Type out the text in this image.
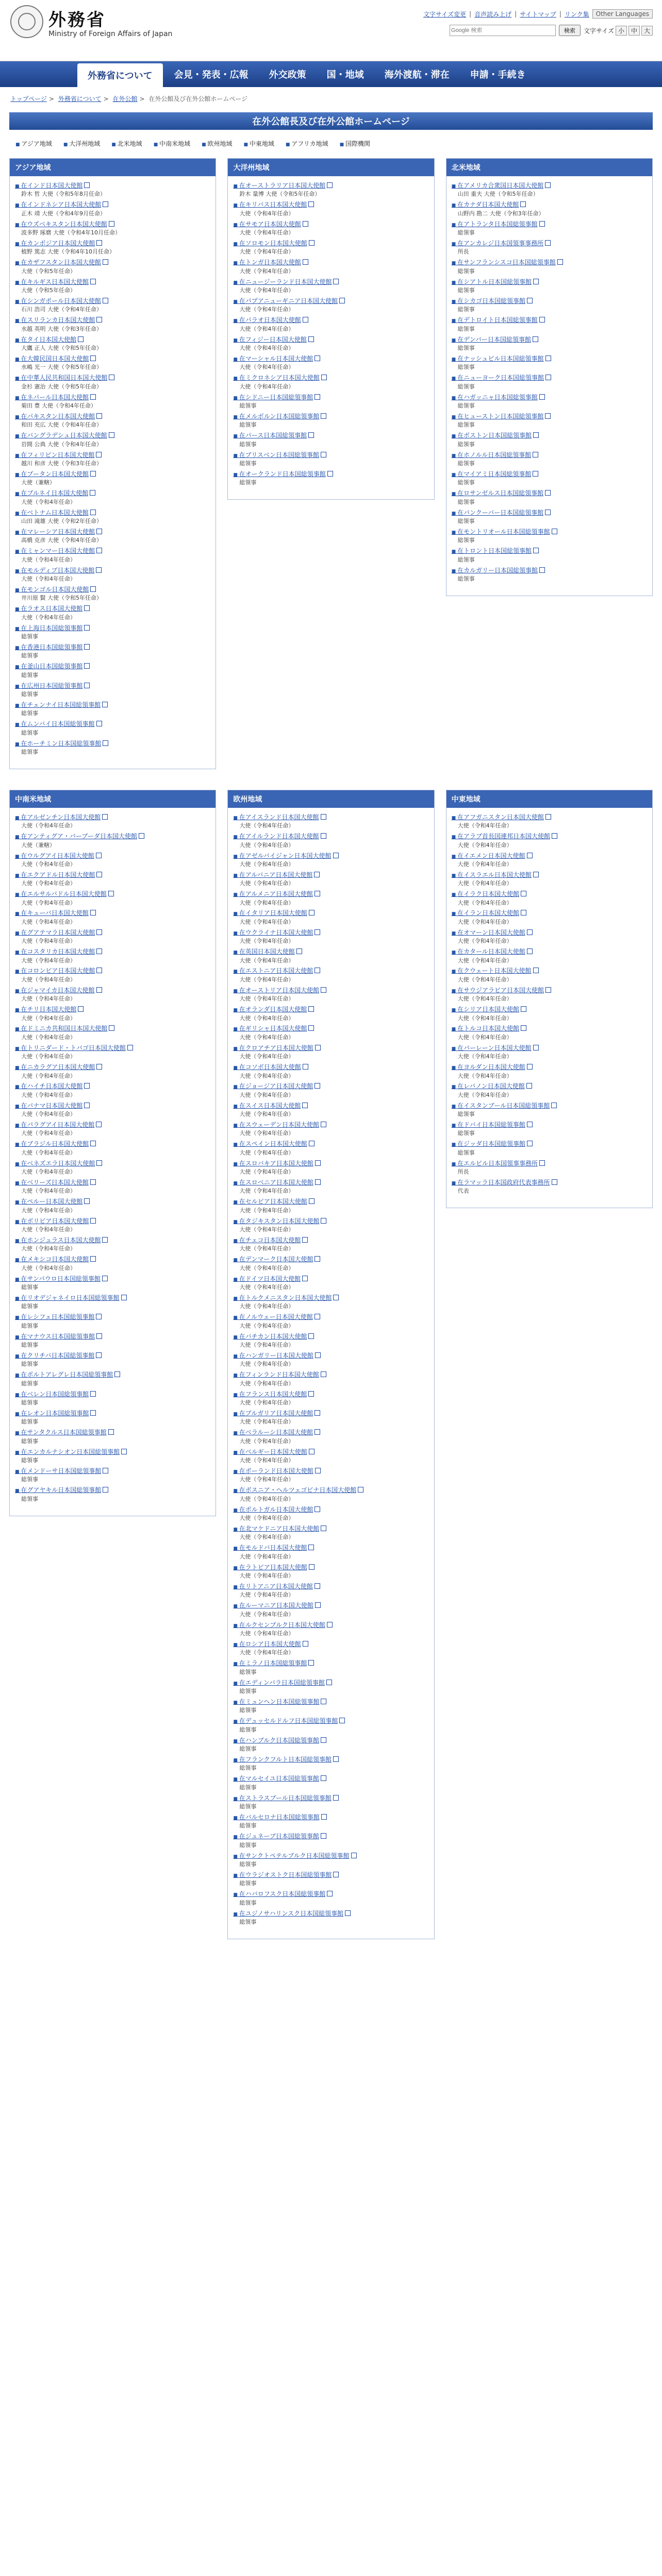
外務省
Ministry of Foreign Affairs of Japan
文字サイズ変更 | 音声読み上げ | サイトマップ | リンク集	Other Languages
Google 検索
検索	文字サイズ 小	中	大
外務省について	会見・発表・広報	外交政策	国・地域	海外渡航・滞在	申請・手続き
トップページ > 外務省について > 在外公館 > 在外公館及び在外公館ホームページ
在外公館長及び在外公館ホームページ
■ アジア地域	■ 大洋州地域	■ 北米地域	■ 中南米地域	■ 欧州地域	■ 中東地域	■ アフリカ地域	■ 国際機関
アジア地域
■ 在インド日本国大使館
鈴木 哲 大使（令和5年8月任命）
■ 在インドネシア日本国大使館
正木 靖 大使（令和4年9月任命）
■ 在ウズベキスタン日本国大使館
波多野 琢磨 大使（令和4年10月任命）
■ 在カンボジア日本国大使館
植野 篤志 大使（令和4年10月任命）
■ 在カザフスタン日本国大使館
大使（令和5年任命）
■ 在キルギス日本国大使館
大使（令和5年任命）
■ 在シンガポール日本国大使館
石川 浩司 大使（令和4年任命）
■ 在スリランカ日本国大使館
水越 英明 大使（令和3年任命）
■ 在タイ日本国大使館
大鷹 正人 大使（令和5年任命）
■ 在大韓民国日本国大使館
水嶋 光一 大使（令和5年任命）
■ 在中華人民共和国日本国大使館
金杉 憲治 大使（令和5年任命）
■ 在ネパール日本国大使館
菊田 豊 大使（令和4年任命）
■ 在パキスタン日本国大使館
和田 充広 大使（令和4年任命）
■ 在バングラデシュ日本国大使館
岩間 公典 大使（令和4年任命）
■ 在フィリピン日本国大使館
越川 和彦 大使（令和3年任命）
■ 在ブータン日本国大使館
大使（兼轄）
■ 在ブルネイ日本国大使館
大使（令和4年任命）
■ 在ベトナム日本国大使館
山田 滝雄 大使（令和2年任命）
■ 在マレーシア日本国大使館
高橋 克彦 大使（令和4年任命）
■ 在ミャンマー日本国大使館
大使（令和4年任命）
■ 在モルディブ日本国大使館
大使（令和4年任命）
■ 在モンゴル日本国大使館
井川原 賢 大使（令和5年任命）
■ 在ラオス日本国大使館
大使（令和4年任命）
■ 在上海日本国総領事館
総領事
■ 在香港日本国総領事館
総領事
■ 在釜山日本国総領事館
総領事
■ 在広州日本国総領事館
総領事
■ 在チェンナイ日本国総領事館
総領事
■ 在ムンバイ日本国総領事館
総領事
■ 在ホーチミン日本国総領事館
総領事
大洋州地域
■ 在オーストラリア日本国大使館
鈴木 量博 大使（令和5年任命）
■ 在キリバス日本国大使館
大使（令和4年任命）
■ 在サモア日本国大使館
大使（令和4年任命）
■ 在ソロモン日本国大使館
大使（令和4年任命）
■ 在トンガ日本国大使館
大使（令和4年任命）
■ 在ニュージーランド日本国大使館
大使（令和4年任命）
■ 在パプアニューギニア日本国大使館
大使（令和4年任命）
■ 在パラオ日本国大使館
大使（令和4年任命）
■ 在フィジー日本国大使館
大使（令和4年任命）
■ 在マーシャル日本国大使館
大使（令和4年任命）
■ 在ミクロネシア日本国大使館
大使（令和4年任命）
■ 在シドニー日本国総領事館
総領事
■ 在メルボルン日本国総領事館
総領事
■ 在パース日本国総領事館
総領事
■ 在ブリスベン日本国総領事館
総領事
■ 在オークランド日本国総領事館
総領事
北米地域
■ 在アメリカ合衆国日本国大使館
山田 重夫 大使（令和5年任命）
■ 在カナダ日本国大使館
山野内 勘二 大使（令和3年任命）
■ 在アトランタ日本国総領事館
総領事
■ 在アンカレジ日本国領事事務所
所長
■ 在サンフランシスコ日本国総領事館
総領事
■ 在シアトル日本国総領事館
総領事
■ 在シカゴ日本国総領事館
総領事
■ 在デトロイト日本国総領事館
総領事
■ 在デンバー日本国総領事館
総領事
■ 在ナッシュビル日本国総領事館
総領事
■ 在ニューヨーク日本国総領事館
総領事
■ 在ハガッニャ日本国総領事館
総領事
■ 在ヒューストン日本国総領事館
総領事
■ 在ボストン日本国総領事館
総領事
■ 在ホノルル日本国総領事館
総領事
■ 在マイアミ日本国総領事館
総領事
■ 在ロサンゼルス日本国総領事館
総領事
■ 在バンクーバー日本国総領事館
総領事
■ 在モントリオール日本国総領事館
総領事
■ 在トロント日本国総領事館
総領事
■ 在カルガリー日本国総領事館
総領事
中南米地域
■ 在アルゼンチン日本国大使館
大使（令和4年任命）
■ 在アンティグア・バーブーダ日本国大使館
大使（兼轄）
■ 在ウルグアイ日本国大使館
大使（令和4年任命）
■ 在エクアドル日本国大使館
大使（令和4年任命）
■ 在エルサルバドル日本国大使館
大使（令和4年任命）
■ 在キューバ日本国大使館
大使（令和4年任命）
■ 在グアテマラ日本国大使館
大使（令和4年任命）
■ 在コスタリカ日本国大使館
大使（令和4年任命）
■ 在コロンビア日本国大使館
大使（令和4年任命）
■ 在ジャマイカ日本国大使館
大使（令和4年任命）
■ 在チリ日本国大使館
大使（令和4年任命）
■ 在ドミニカ共和国日本国大使館
大使（令和4年任命）
■ 在トリニダード・トバゴ日本国大使館
大使（令和4年任命）
■ 在ニカラグア日本国大使館
大使（令和4年任命）
■ 在ハイチ日本国大使館
大使（令和4年任命）
■ 在パナマ日本国大使館
大使（令和4年任命）
■ 在パラグアイ日本国大使館
大使（令和4年任命）
■ 在ブラジル日本国大使館
大使（令和4年任命）
■ 在ベネズエラ日本国大使館
大使（令和4年任命）
■ 在ベリーズ日本国大使館
大使（令和4年任命）
■ 在ペルー日本国大使館
大使（令和4年任命）
■ 在ボリビア日本国大使館
大使（令和4年任命）
■ 在ホンジュラス日本国大使館
大使（令和4年任命）
■ 在メキシコ日本国大使館
大使（令和4年任命）
■ 在サンパウロ日本国総領事館
総領事
■ 在リオデジャネイロ日本国総領事館
総領事
■ 在レシフェ日本国総領事館
総領事
■ 在マナウス日本国総領事館
総領事
■ 在クリチバ日本国総領事館
総領事
■ 在ポルトアレグレ日本国総領事館
総領事
■ 在ベレン日本国総領事館
総領事
■ 在レオン日本国総領事館
総領事
■ 在サンタクルス日本国総領事館
総領事
■ 在エンカルナシオン日本国総領事館
総領事
■ 在メンドーサ日本国総領事館
総領事
■ 在グアヤキル日本国総領事館
総領事
欧州地域
■ 在アイスランド日本国大使館
大使（令和4年任命）
■ 在アイルランド日本国大使館
大使（令和4年任命）
■ 在アゼルバイジャン日本国大使館
大使（令和4年任命）
■ 在アルバニア日本国大使館
大使（令和4年任命）
■ 在アルメニア日本国大使館
大使（令和4年任命）
■ 在イタリア日本国大使館
大使（令和4年任命）
■ 在ウクライナ日本国大使館
大使（令和4年任命）
■ 在英国日本国大使館
大使（令和4年任命）
■ 在エストニア日本国大使館
大使（令和4年任命）
■ 在オーストリア日本国大使館
大使（令和4年任命）
■ 在オランダ日本国大使館
大使（令和4年任命）
■ 在ギリシャ日本国大使館
大使（令和4年任命）
■ 在クロアチア日本国大使館
大使（令和4年任命）
■ 在コソボ日本国大使館
大使（令和4年任命）
■ 在ジョージア日本国大使館
大使（令和4年任命）
■ 在スイス日本国大使館
大使（令和4年任命）
■ 在スウェーデン日本国大使館
大使（令和4年任命）
■ 在スペイン日本国大使館
大使（令和4年任命）
■ 在スロバキア日本国大使館
大使（令和4年任命）
■ 在スロベニア日本国大使館
大使（令和4年任命）
■ 在セルビア日本国大使館
大使（令和4年任命）
■ 在タジキスタン日本国大使館
大使（令和4年任命）
■ 在チェコ日本国大使館
大使（令和4年任命）
■ 在デンマーク日本国大使館
大使（令和4年任命）
■ 在ドイツ日本国大使館
大使（令和4年任命）
■ 在トルクメニスタン日本国大使館
大使（令和4年任命）
■ 在ノルウェー日本国大使館
大使（令和4年任命）
■ 在バチカン日本国大使館
大使（令和4年任命）
■ 在ハンガリー日本国大使館
大使（令和4年任命）
■ 在フィンランド日本国大使館
大使（令和4年任命）
■ 在フランス日本国大使館
大使（令和4年任命）
■ 在ブルガリア日本国大使館
大使（令和4年任命）
■ 在ベラルーシ日本国大使館
大使（令和4年任命）
■ 在ベルギー日本国大使館
大使（令和4年任命）
■ 在ポーランド日本国大使館
大使（令和4年任命）
■ 在ボスニア・ヘルツェゴビナ日本国大使館
大使（令和4年任命）
■ 在ポルトガル日本国大使館
大使（令和4年任命）
■ 在北マケドニア日本国大使館
大使（令和4年任命）
■ 在モルドバ日本国大使館
大使（令和4年任命）
■ 在ラトビア日本国大使館
大使（令和4年任命）
■ 在リトアニア日本国大使館
大使（令和4年任命）
■ 在ルーマニア日本国大使館
大使（令和4年任命）
■ 在ルクセンブルク日本国大使館
大使（令和4年任命）
■ 在ロシア日本国大使館
大使（令和4年任命）
■ 在ミラノ日本国総領事館
総領事
■ 在エディンバラ日本国総領事館
総領事
■ 在ミュンヘン日本国総領事館
総領事
■ 在デュッセルドルフ日本国総領事館
総領事
■ 在ハンブルク日本国総領事館
総領事
■ 在フランクフルト日本国総領事館
総領事
■ 在マルセイユ日本国総領事館
総領事
■ 在ストラスブール日本国総領事館
総領事
■ 在バルセロナ日本国総領事館
総領事
■ 在ジュネーブ日本国総領事館
総領事
■ 在サンクトペテルブルク日本国総領事館
総領事
■ 在ウラジオストク日本国総領事館
総領事
■ 在ハバロフスク日本国総領事館
総領事
■ 在ユジノサハリンスク日本国総領事館
総領事
中東地域
■ 在アフガニスタン日本国大使館
大使（令和4年任命）
■ 在アラブ首長国連邦日本国大使館
大使（令和4年任命）
■ 在イエメン日本国大使館
大使（令和4年任命）
■ 在イスラエル日本国大使館
大使（令和4年任命）
■ 在イラク日本国大使館
大使（令和4年任命）
■ 在イラン日本国大使館
大使（令和4年任命）
■ 在オマーン日本国大使館
大使（令和4年任命）
■ 在カタール日本国大使館
大使（令和4年任命）
■ 在クウェート日本国大使館
大使（令和4年任命）
■ 在サウジアラビア日本国大使館
大使（令和4年任命）
■ 在シリア日本国大使館
大使（令和4年任命）
■ 在トルコ日本国大使館
大使（令和4年任命）
■ 在バーレーン日本国大使館
大使（令和4年任命）
■ 在ヨルダン日本国大使館
大使（令和4年任命）
■ 在レバノン日本国大使館
大使（令和4年任命）
■ 在イスタンブール日本国総領事館
総領事
■ 在ドバイ日本国総領事館
総領事
■ 在ジッダ日本国総領事館
総領事
■ 在エルビル日本国領事事務所
所長
■ 在ラマッラ日本国政府代表事務所
代表
